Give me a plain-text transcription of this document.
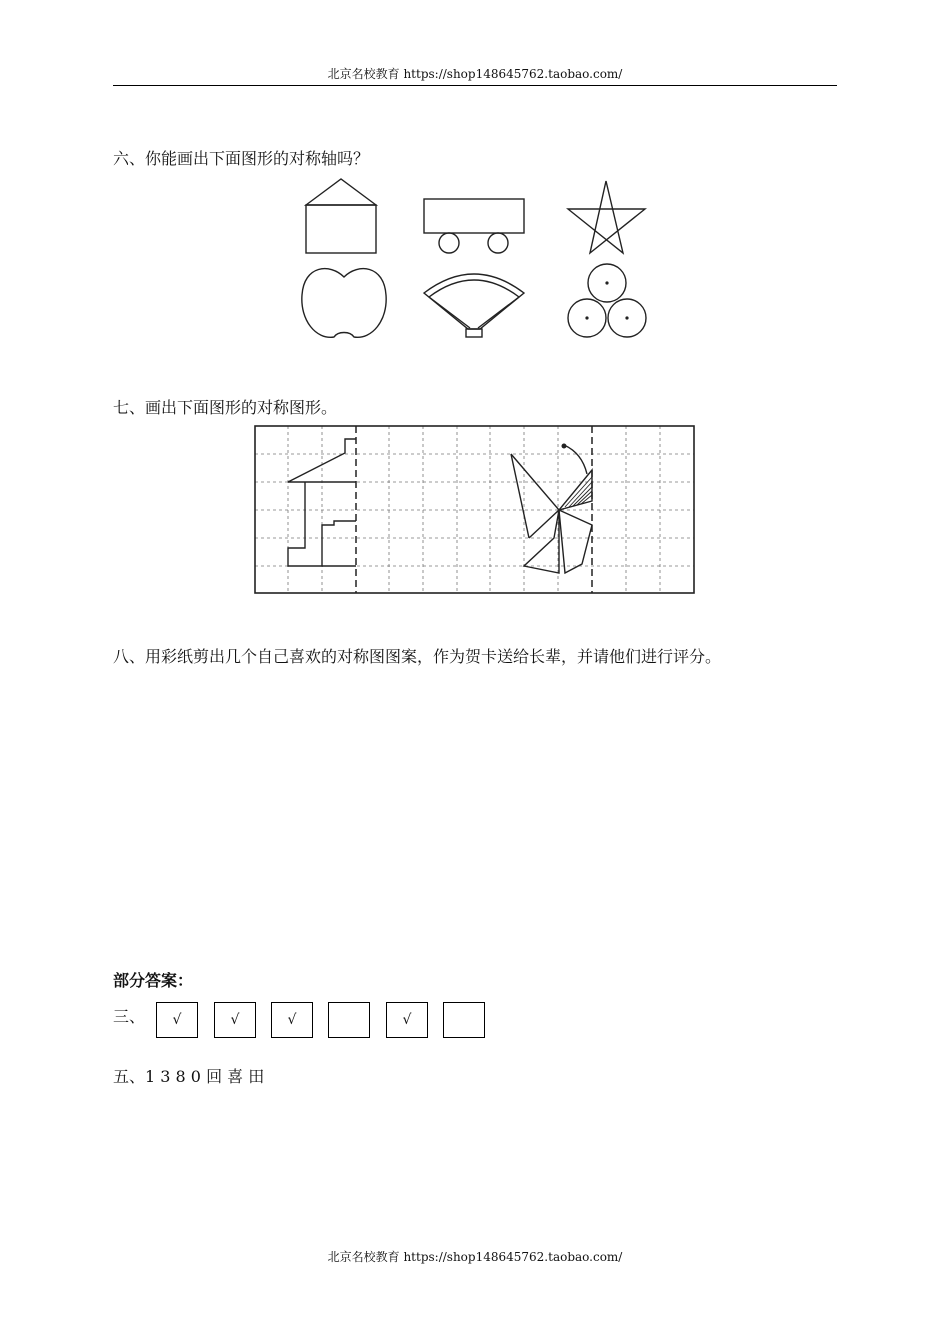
北京名校教育 https://shop148645762.taobao.com/
六、你能画出下面图形的对称轴吗？
七、画出下面图形的对称图形。
八、用彩纸剪出几个自己喜欢的对称图图案，作为贺卡送给长辈，并请他们进行评分。
部分答案：
三、	√	√	√	√
五、1 3 8 0 回 喜 田
北京名校教育 https://shop148645762.taobao.com/
